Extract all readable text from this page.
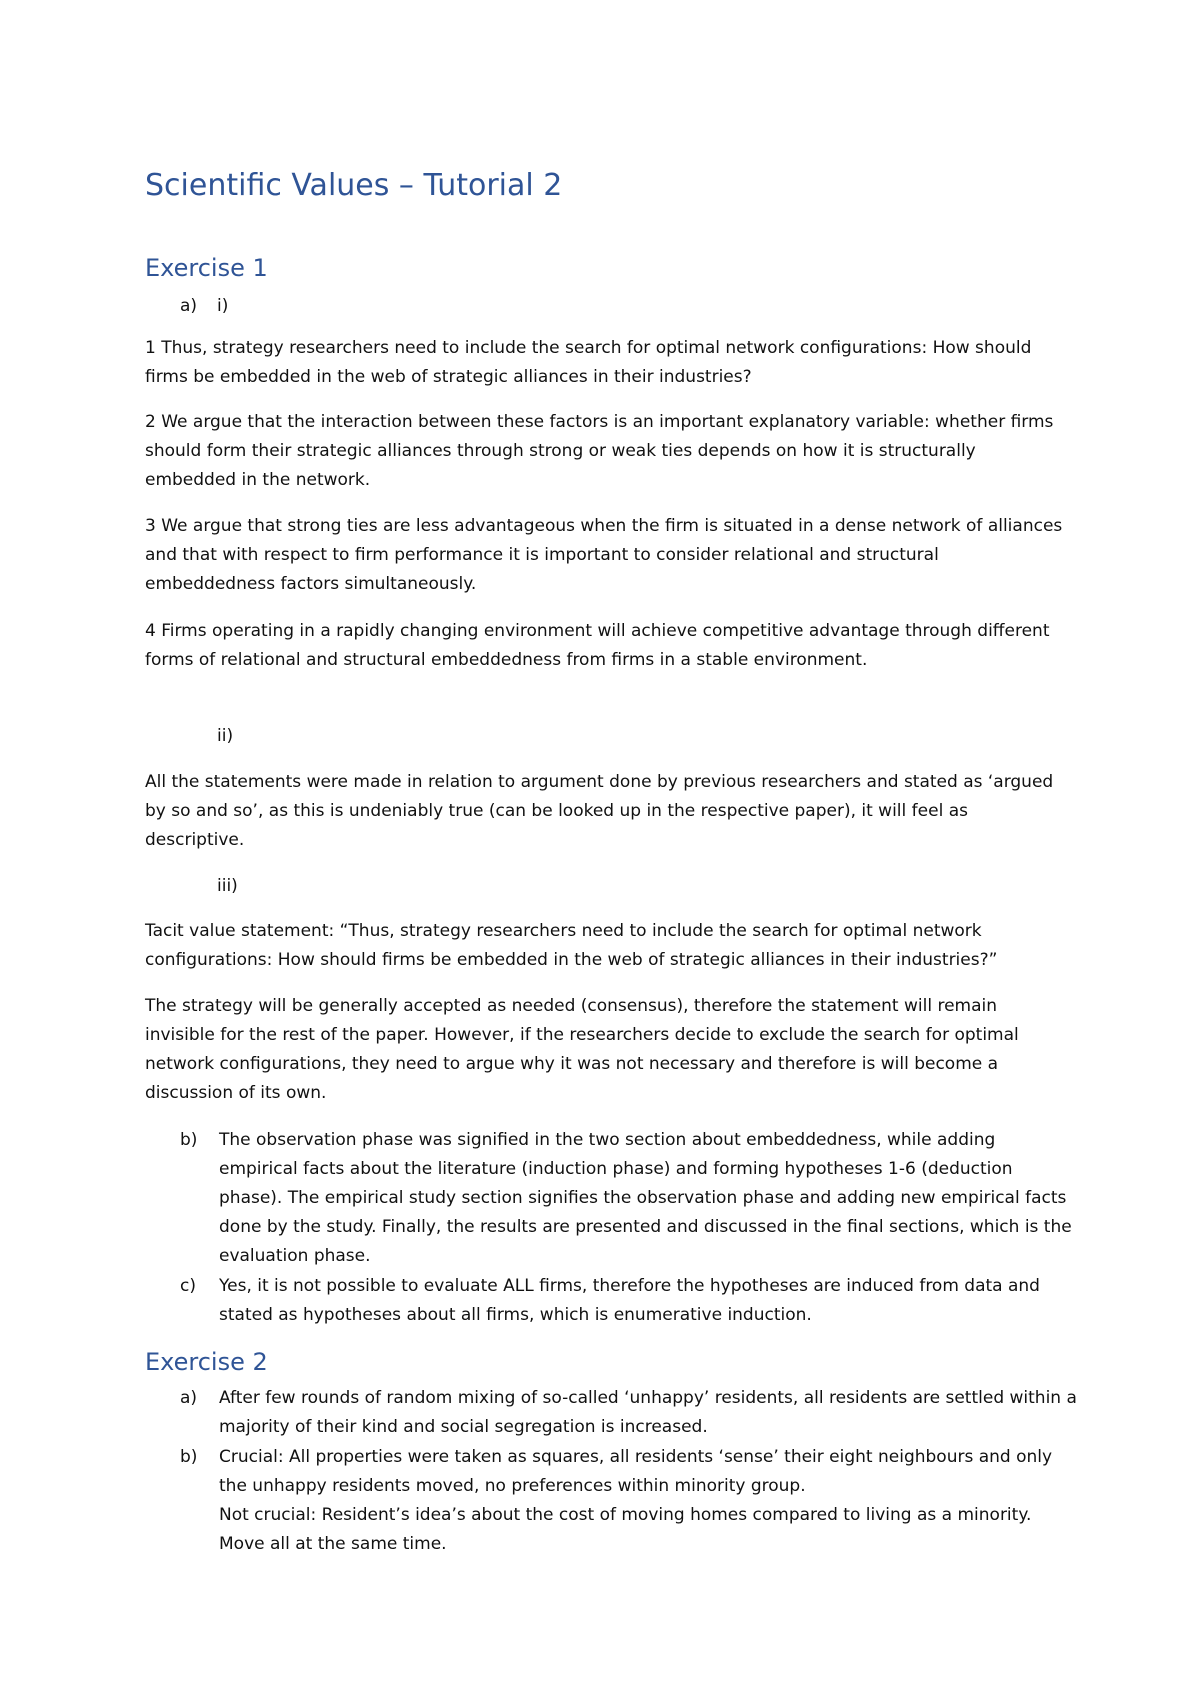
Scientific Values – Tutorial 2
Exercise 1
a) i)

1 Thus, strategy researchers need to include the search for optimal network configurations: How should firms be embedded in the web of strategic alliances in their industries?

2 We argue that the interaction between these factors is an important explanatory variable: whether firms should form their strategic alliances through strong or weak ties depends on how it is structurally embedded in the network.

3 We argue that strong ties are less advantageous when the firm is situated in a dense network of alliances and that with respect to firm performance it is important to consider relational and structural embeddedness factors simultaneously.

4 Firms operating in a rapidly changing environment will achieve competitive advantage through different forms of relational and structural embeddedness from firms in a stable environment.

ii)

All the statements were made in relation to argument done by previous researchers and stated as ‘argued by so and so’, as this is undeniably true (can be looked up in the respective paper), it will feel as descriptive.

iii)

Tacit value statement: “Thus, strategy researchers need to include the search for optimal network configurations: How should firms be embedded in the web of strategic alliances in their industries?”

The strategy will be generally accepted as needed (consensus), therefore the statement will remain invisible for the rest of the paper. However, if the researchers decide to exclude the search for optimal network configurations, they need to argue why it was not necessary and therefore is will become a discussion of its own.

b) The observation phase was signified in the two section about embeddedness, while adding empirical facts about the literature (induction phase) and forming hypotheses 1-6 (deduction phase). The empirical study section signifies the observation phase and adding new empirical facts done by the study. Finally, the results are presented and discussed in the final sections, which is the evaluation phase.

c) Yes, it is not possible to evaluate ALL firms, therefore the hypotheses are induced from data and stated as hypotheses about all firms, which is enumerative induction.

Exercise 2
a) After few rounds of random mixing of so-called ‘unhappy’ residents, all residents are settled within a majority of their kind and social segregation is increased.

b) Crucial: All properties were taken as squares, all residents ‘sense’ their eight neighbours and only the unhappy residents moved, no preferences within minority group.
Not crucial: Resident’s idea’s about the cost of moving homes compared to living as a minority. Move all at the same time.
